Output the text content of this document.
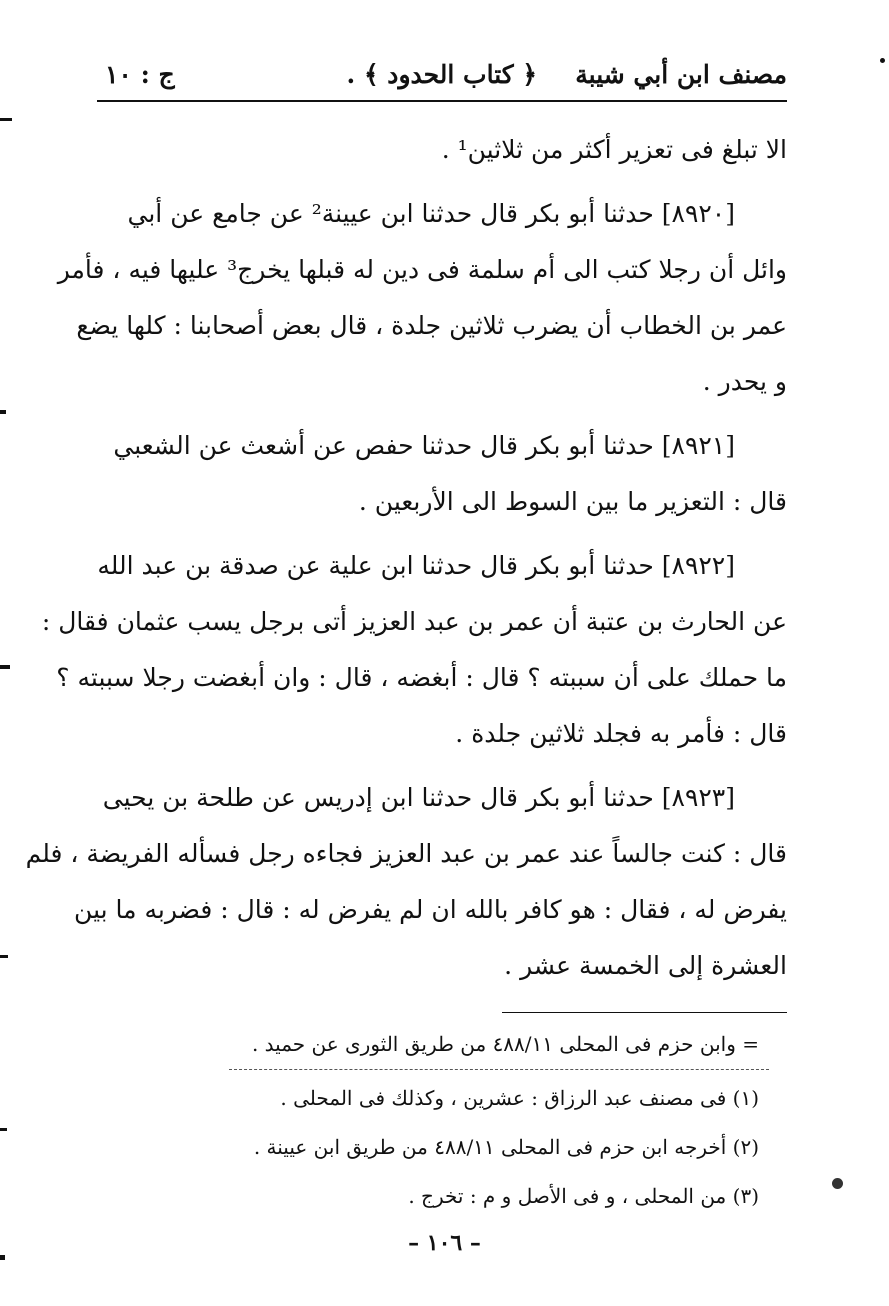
مصنف ابن أبي شيبة
﴿ كتاب الحدود ﴾ .
ج : ١٠
الا تبلغ فى تعزير أكثر من ثلاثين¹ .
[٨٩٢٠] حدثنا أبو بكر قال حدثنا ابن عيينة² عن جامع عن أبي
وائل أن رجلا كتب الى أم سلمة فى دين له قبلها يخرج³ عليها فيه ، فأمر
عمر بن الخطاب أن يضرب ثلاثين جلدة ، قال بعض أصحابنا : كلها يضع
و يحدر .
[٨٩٢١] حدثنا أبو بكر قال حدثنا حفص عن أشعث عن الشعبي
قال : التعزير ما بين السوط الى الأربعين .
[٨٩٢٢] حدثنا أبو بكر قال حدثنا ابن علية عن صدقة بن عبد الله
عن الحارث بن عتبة أن عمر بن عبد العزيز أتى برجل يسب عثمان فقال :
ما حملك على أن سببته ؟ قال : أبغضه ، قال : وان أبغضت رجلا سببته ؟
قال : فأمر به فجلد ثلاثين جلدة .
[٨٩٢٣] حدثنا أبو بكر قال حدثنا ابن إدريس عن طلحة بن يحيى
قال : كنت جالساً عند عمر بن عبد العزيز فجاءه رجل فسأله الفريضة ، فلم
يفرض له ، فقال : هو كافر بالله ان لم يفرض له : قال : فضربه ما بين
العشرة إلى الخمسة عشر .
= وابن حزم فى المحلى ٤٨٨/١١ من طريق الثورى عن حميد .
(١) فى مصنف عبد الرزاق : عشرين ، وكذلك فى المحلى .
(٢) أخرجه ابن حزم فى المحلى ٤٨٨/١١ من طريق ابن عيينة .
(٣) من المحلى ، و فى الأصل و م : تخرج .
– ١٠٦ –
